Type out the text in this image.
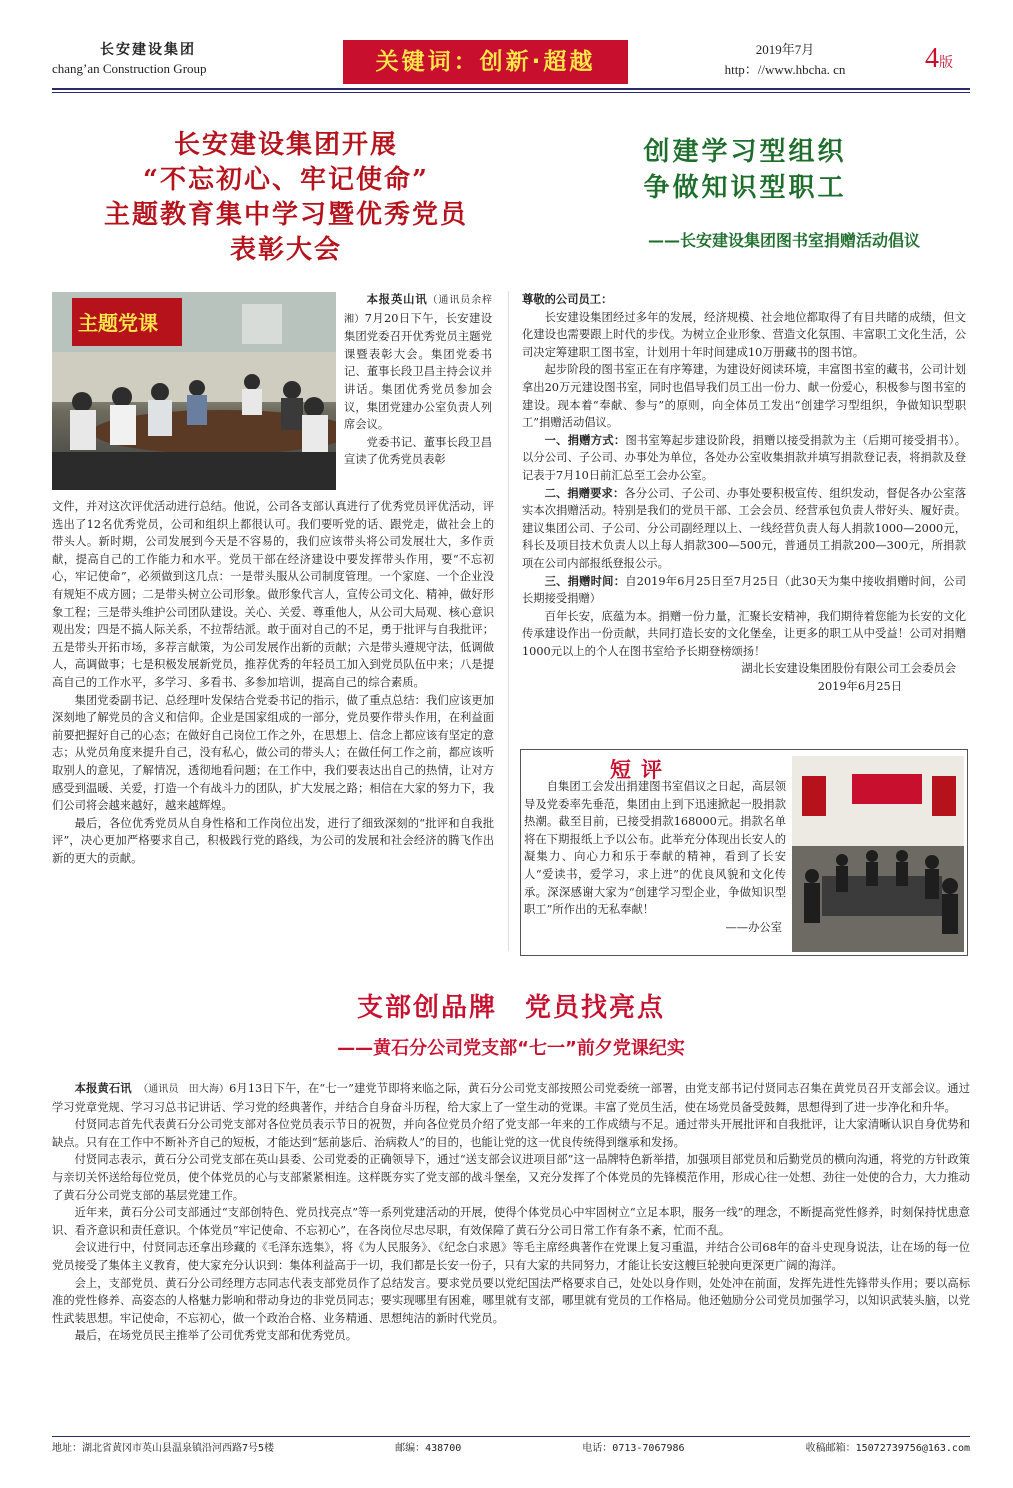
长安建设集团
chang’an Construction Group	关键词：创新·超越	2019年7月
http：//www.hbcha. cn	4版
长安建设集团开展
“不忘初心、牢记使命”
主题教育集中学习暨优秀党员
表彰大会
创建学习型组织
争做知识型职工
——长安建设集团图书室捐赠活动倡议
主题党课

本报英山讯（通讯员余梓湘）7月20日下午，长安建设集团党委召开优秀党员主题党课暨表彰大会。集团党委书记、董事长段卫昌主持会议并讲话。集团优秀党员参加会议，集团党建办公室负责人列席会议。

党委书记、董事长段卫昌宣读了优秀党员表彰

文件，并对这次评优活动进行总结。他说，公司各支部认真进行了优秀党员评优活动，评选出了12名优秀党员，公司和组织上都很认可。我们要听党的话、跟党走，做社会上的带头人。新时期，公司发展到今天是不容易的，我们应该带头将公司发展壮大，多作贡献，提高自己的工作能力和水平。党员干部在经济建设中要发挥带头作用，要“不忘初心，牢记使命”，必须做到这几点：一是带头服从公司制度管理。一个家庭、一个企业没有规矩不成方圆；二是带头树立公司形象。做形象代言人，宣传公司文化、精神，做好形象工程；三是带头维护公司团队建设。关心、关爱、尊重他人，从公司大局观、核心意识观出发；四是不搞人际关系，不拉帮结派。敢于面对自己的不足，勇于批评与自我批评；五是带头开拓市场，多荐言献策，为公司发展作出新的贡献；六是带头遵规守法，低调做人，高调做事；七是积极发展新党员，推荐优秀的年轻员工加入到党员队伍中来；八是提高自己的工作水平，多学习、多看书、多参加培训，提高自己的综合素质。

集团党委副书记、总经理叶发保结合党委书记的指示，做了重点总结：我们应该更加深刻地了解党员的含义和信仰。企业是国家组成的一部分，党员要作带头作用，在利益面前要把握好自己的心态；在做好自己岗位工作之外，在思想上、信念上都应该有坚定的意志；从党员角度来提升自己，没有私心，做公司的带头人；在做任何工作之前，都应该听取别人的意见，了解情况，透彻地看问题；在工作中，我们要表达出自己的热情，让对方感受到温暖、关爱，打造一个有战斗力的团队，扩大发展之路；相信在大家的努力下，我们公司将会越来越好，越来越辉煌。

最后，各位优秀党员从自身性格和工作岗位出发，进行了细致深刻的“批评和自我批评”，决心更加严格要求自己，积极践行党的路线，为公司的发展和社会经济的腾飞作出新的更大的贡献。

尊敬的公司员工：

长安建设集团经过多年的发展，经济规模、社会地位都取得了有目共睹的成绩，但文化建设也需要跟上时代的步伐。为树立企业形象、营造文化氛围、丰富职工文化生活，公司决定筹建职工图书室，计划用十年时间建成10万册藏书的图书馆。

起步阶段的图书室正在有序筹建，为建设好阅读环境，丰富图书室的藏书，公司计划拿出20万元建设图书室，同时也倡导我们员工出一份力、献一份爱心，积极参与图书室的建设。现本着“奉献、参与”的原则，向全体员工发出“创建学习型组织，争做知识型职工”捐赠活动倡议。

一、捐赠方式：图书室筹起步建设阶段，捐赠以接受捐款为主（后期可接受捐书）。以分公司、子公司、办事处为单位，各处办公室收集捐款并填写捐款登记表，将捐款及登记表于7月10日前汇总至工会办公室。

二、捐赠要求：各分公司、子公司、办事处要积极宣传、组织发动，督促各办公室落实本次捐赠活动。特别是我们的党员干部、工会会员、经营承包负责人带好头、履好责。建议集团公司、子公司、分公司副经理以上、一线经营负责人每人捐款1000—2000元，科长及项目技术负责人以上每人捐款300—500元，普通员工捐款200—300元，所捐款项在公司内部报纸登报公示。

三、捐赠时间：自2019年6月25日至7月25日（此30天为集中接收捐赠时间，公司长期接受捐赠）

百年长安，底蕴为本。捐赠一份力量，汇聚长安精神，我们期待着您能为长安的文化传承建设作出一份贡献，共同打造长安的文化堡垒，让更多的职工从中受益！公司对捐赠1000元以上的个人在图书室给予长期登榜颂扬！

湖北长安建设集团股份有限公司工会委员会
2019年6月25日
短评

自集团工会发出捐建图书室倡议之日起，高层领导及党委率先垂范，集团由上到下迅速掀起一股捐款热潮。截至目前，已接受捐款168000元。捐款名单将在下期报纸上予以公布。此举充分体现出长安人的凝集力、向心力和乐于奉献的精神，看到了长安人“爱读书，爱学习，求上进”的优良风貌和文化传承。深深感谢大家为“创建学习型企业，争做知识型职工”所作出的无私奉献！

——办公室
支部创品牌　党员找亮点
——黄石分公司党支部“七一”前夕党课纪实

本报黄石讯　 （通讯员　田大海）6月13日下午，在“七一”建党节即将来临之际，黄石分公司党支部按照公司党委统一部署，由党支部书记付贤同志召集在黄党员召开支部会议。通过学习党章党规、学习习总书记讲话、学习党的经典著作，并结合自身奋斗历程，给大家上了一堂生动的党课。丰富了党员生活，使在场党员备受鼓舞，思想得到了进一步净化和升华。

付贤同志首先代表黄石分公司党支部对各位党员表示节日的祝贺，并向各位党员介绍了党支部一年来的工作成绩与不足。通过带头开展批评和自我批评，让大家清晰认识自身优势和缺点。只有在工作中不断补齐自己的短板，才能达到“惩前毖后、治病救人”的目的，也能让党的这一优良传统得到继承和发扬。

付贤同志表示，黄石分公司党支部在英山县委、公司党委的正确领导下，通过“送支部会议进项目部”这一品牌特色新举措，加强项目部党员和后勤党员的横向沟通，将党的方针政策与亲切关怀送给每位党员，使个体党员的心与支部紧紧相连。这样既夯实了党支部的战斗堡垒，又充分发挥了个体党员的先锋模范作用，形成心往一处想、劲往一处使的合力，大力推动了黄石分公司党支部的基层党建工作。

近年来，黄石分公司支部通过“支部创特色、党员找亮点”等一系列党建活动的开展，使得个体党员心中牢固树立“立足本职，服务一线”的理念，不断提高党性修养，时刻保持忧患意识、看齐意识和责任意识。个体党员“牢记使命、不忘初心”，在各岗位尽忠尽职，有效保障了黄石分公司日常工作有条不紊，忙而不乱。

会议进行中，付贤同志还拿出珍藏的《毛泽东选集》，将《为人民服务》、《纪念白求恩》等毛主席经典著作在党课上复习重温，并结合公司68年的奋斗史现身说法，让在场的每一位党员接受了集体主义教育，使大家充分认识到：集体利益高于一切，我们都是长安一份子，只有大家的共同努力，才能让长安这艘巨轮驶向更深更广阔的海洋。

会上，支部党员、黄石分公司经理方志同志代表支部党员作了总结发言。要求党员要以党纪国法严格要求自己，处处以身作则，处处冲在前面，发挥先进性先锋带头作用；要以高标准的党性修养、高姿态的人格魅力影响和带动身边的非党员同志；要实现哪里有困难，哪里就有支部，哪里就有党员的工作格局。他还勉励分公司党员加强学习，以知识武装头脑，以党性武装思想。牢记使命，不忘初心，做一个政治合格、业务精通、思想纯洁的新时代党员。

最后，在场党员民主推举了公司优秀党支部和优秀党员。

地址：湖北省黄冈市英山县温泉镇沿河西路7号5楼	邮编：438700	电话：0713-7067986	收稿邮箱：15072739756@163.com
